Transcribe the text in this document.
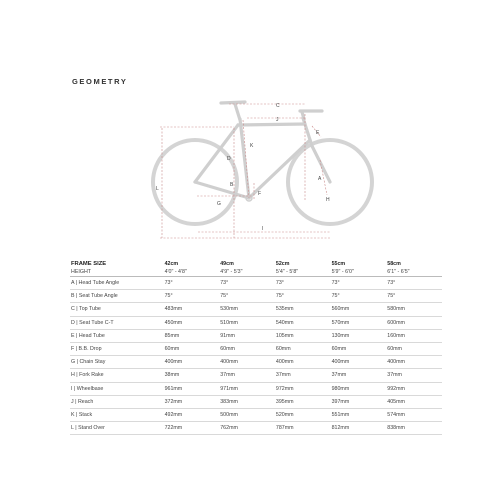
GEOMETRY
C
J
K
D
B
G
F
E
A
H
I
L
FRAME SIZE	42cm	49cm	52cm	55cm	58cm
HEIGHT	4'0" - 4'8"	4'9" - 5'3"	5'4" - 5'8"	5'9" - 6'0"	6'1" - 6'5"
A | Head Tube Angle	73°	73°	73°	73°	73°
B | Seat Tube Angle	75°	75°	75°	75°	75°
C | Top Tube	483mm	530mm	535mm	560mm	580mm
D | Seat Tube C-T	450mm	510mm	540mm	570mm	600mm
E | Head Tube	85mm	91mm	105mm	130mm	160mm
F | B.B. Drop	60mm	60mm	60mm	60mm	60mm
G | Chain Stay	400mm	400mm	400mm	400mm	400mm
H | Fork Rake	38mm	37mm	37mm	37mm	37mm
I | Wheelbase	961mm	971mm	972mm	980mm	992mm
J | Reach	372mm	383mm	395mm	397mm	405mm
K | Stack	492mm	500mm	520mm	551mm	574mm
L | Stand Over	722mm	762mm	787mm	812mm	838mm
